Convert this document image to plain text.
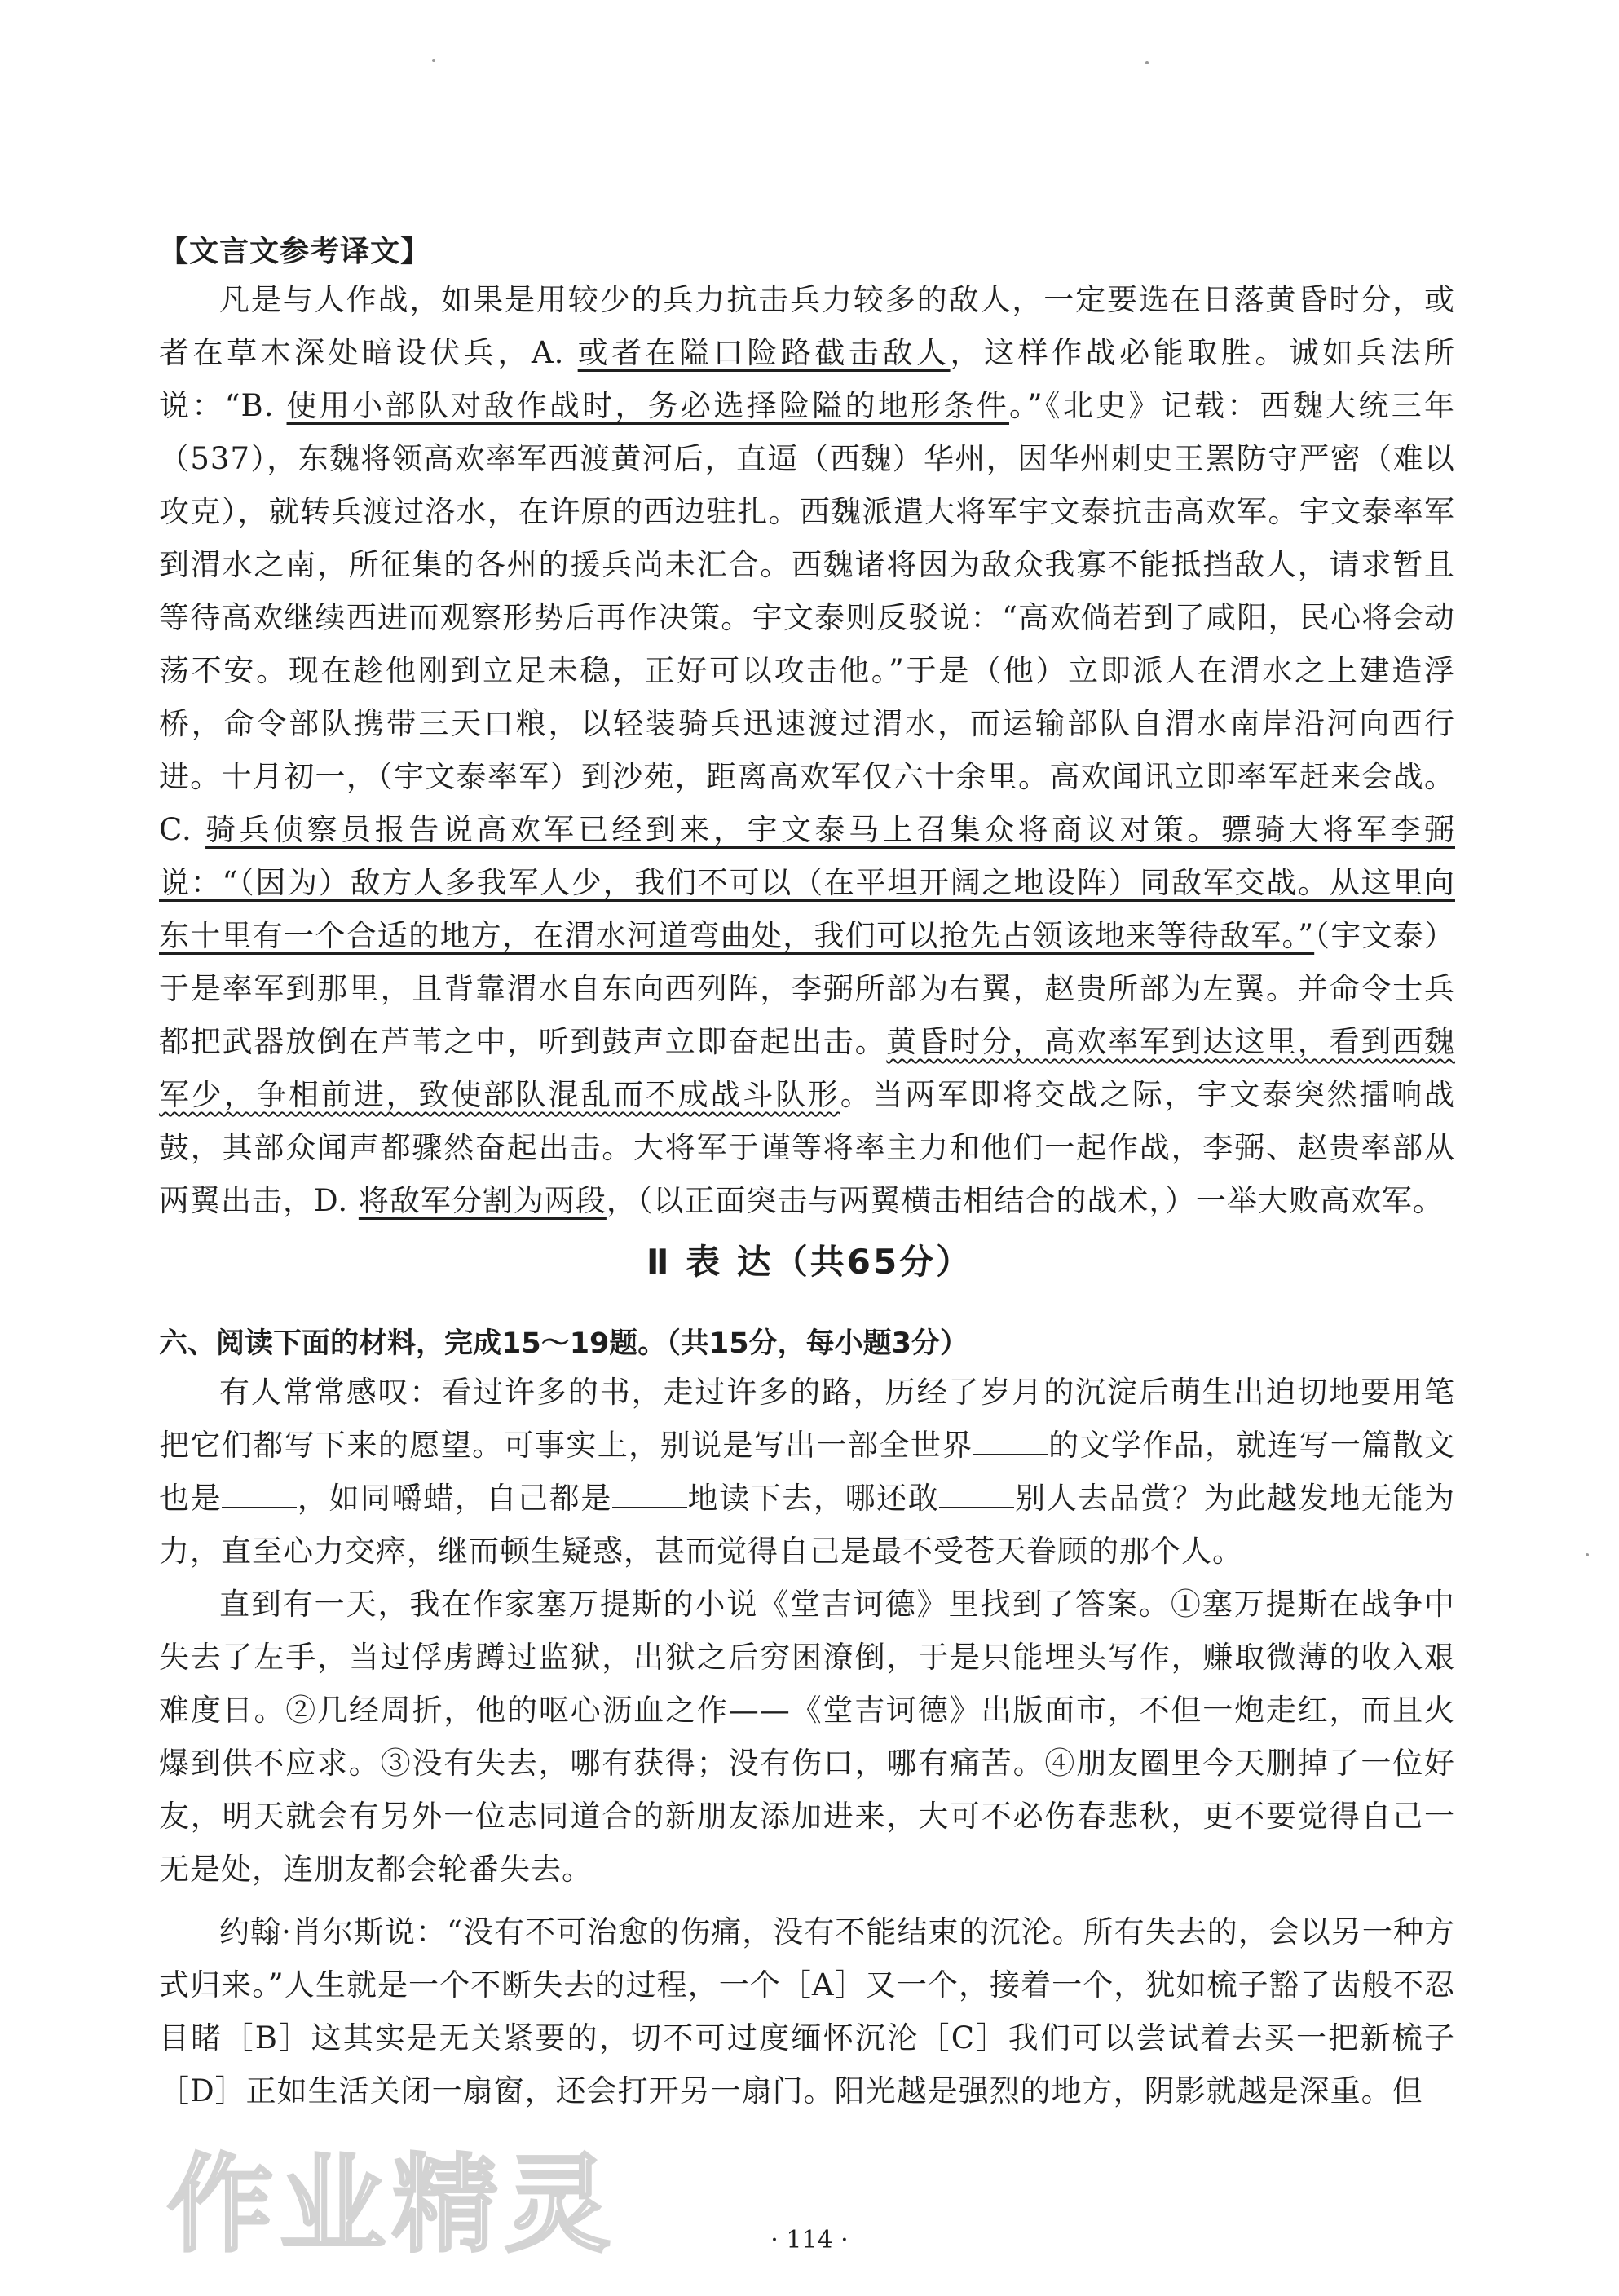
【文言文参考译文】

凡是与人作战，如果是用较少的兵力抗击兵力较多的敌人，一定要选在日落黄昏时分，或者在草木深处暗设伏兵，A. 或者在隘口险路截击敌人，这样作战必能取胜。诚如兵法所说：“B. 使用小部队对敌作战时，务必选择险隘的地形条件。”《北史》记载：西魏大统三年（537），东魏将领高欢率军西渡黄河后，直逼（西魏）华州，因华州刺史王罴防守严密（难以攻克），就转兵渡过洛水，在许原的西边驻扎。西魏派遣大将军宇文泰抗击高欢军。宇文泰率军到渭水之南，所征集的各州的援兵尚未汇合。西魏诸将因为敌众我寡不能抵挡敌人，请求暂且等待高欢继续西进而观察形势后再作决策。宇文泰则反驳说：“高欢倘若到了咸阳，民心将会动荡不安。现在趁他刚到立足未稳，正好可以攻击他。”于是（他）立即派人在渭水之上建造浮桥，命令部队携带三天口粮，以轻装骑兵迅速渡过渭水，而运输部队自渭水南岸沿河向西行进。十月初一，（宇文泰率军）到沙苑，距离高欢军仅六十余里。高欢闻讯立即率军赶来会战。C. 骑兵侦察员报告说高欢军已经到来，宇文泰马上召集众将商议对策。骠骑大将军李弼说：“（因为）敌方人多我军人少，我们不可以（在平坦开阔之地设阵）同敌军交战。从这里向东十里有一个合适的地方，在渭水河道弯曲处，我们可以抢先占领该地来等待敌军。”（宇文泰）于是率军到那里，且背靠渭水自东向西列阵，李弼所部为右翼，赵贵所部为左翼。并命令士兵都把武器放倒在芦苇之中，听到鼓声立即奋起出击。黄昏时分，高欢率军到达这里，看到西魏军少，争相前进，致使部队混乱而不成战斗队形。当两军即将交战之际，宇文泰突然擂响战鼓，其部众闻声都骤然奋起出击。大将军于谨等将率主力和他们一起作战，李弼、赵贵率部从两翼出击，D. 将敌军分割为两段，（以正面突击与两翼横击相结合的战术，）一举大败高欢军。

Ⅱ 表 达（共65分）
六、阅读下面的材料，完成15～19题。（共15分，每小题3分）

有人常常感叹：看过许多的书，走过许多的路，历经了岁月的沉淀后萌生出迫切地要用笔把它们都写下来的愿望。可事实上，别说是写出一部全世界 的文学作品，就连写一篇散文也是 ，如同嚼蜡，自己都是 地读下去，哪还敢 别人去品赏？为此越发地无能为力，直至心力交瘁，继而顿生疑惑，甚而觉得自己是最不受苍天眷顾的那个人。

直到有一天，我在作家塞万提斯的小说《堂吉诃德》里找到了答案。①塞万提斯在战争中失去了左手，当过俘虏蹲过监狱，出狱之后穷困潦倒，于是只能埋头写作，赚取微薄的收入艰难度日。②几经周折，他的呕心沥血之作——《堂吉诃德》出版面市，不但一炮走红，而且火爆到供不应求。③没有失去，哪有获得；没有伤口，哪有痛苦。④朋友圈里今天删掉了一位好友，明天就会有另外一位志同道合的新朋友添加进来，大可不必伤春悲秋，更不要觉得自己一无是处，连朋友都会轮番失去。

约翰·肖尔斯说：“没有不可治愈的伤痛，没有不能结束的沉沦。所有失去的，会以另一种方式归来。”人生就是一个不断失去的过程，一个［A］又一个，接着一个，犹如梳子豁了齿般不忍目睹［B］这其实是无关紧要的，切不可过度缅怀沉沦［C］我们可以尝试着去买一把新梳子［D］正如生活关闭一扇窗，还会打开另一扇门。阳光越是强烈的地方，阴影就越是深重。但

作业精灵	· 114 ·
